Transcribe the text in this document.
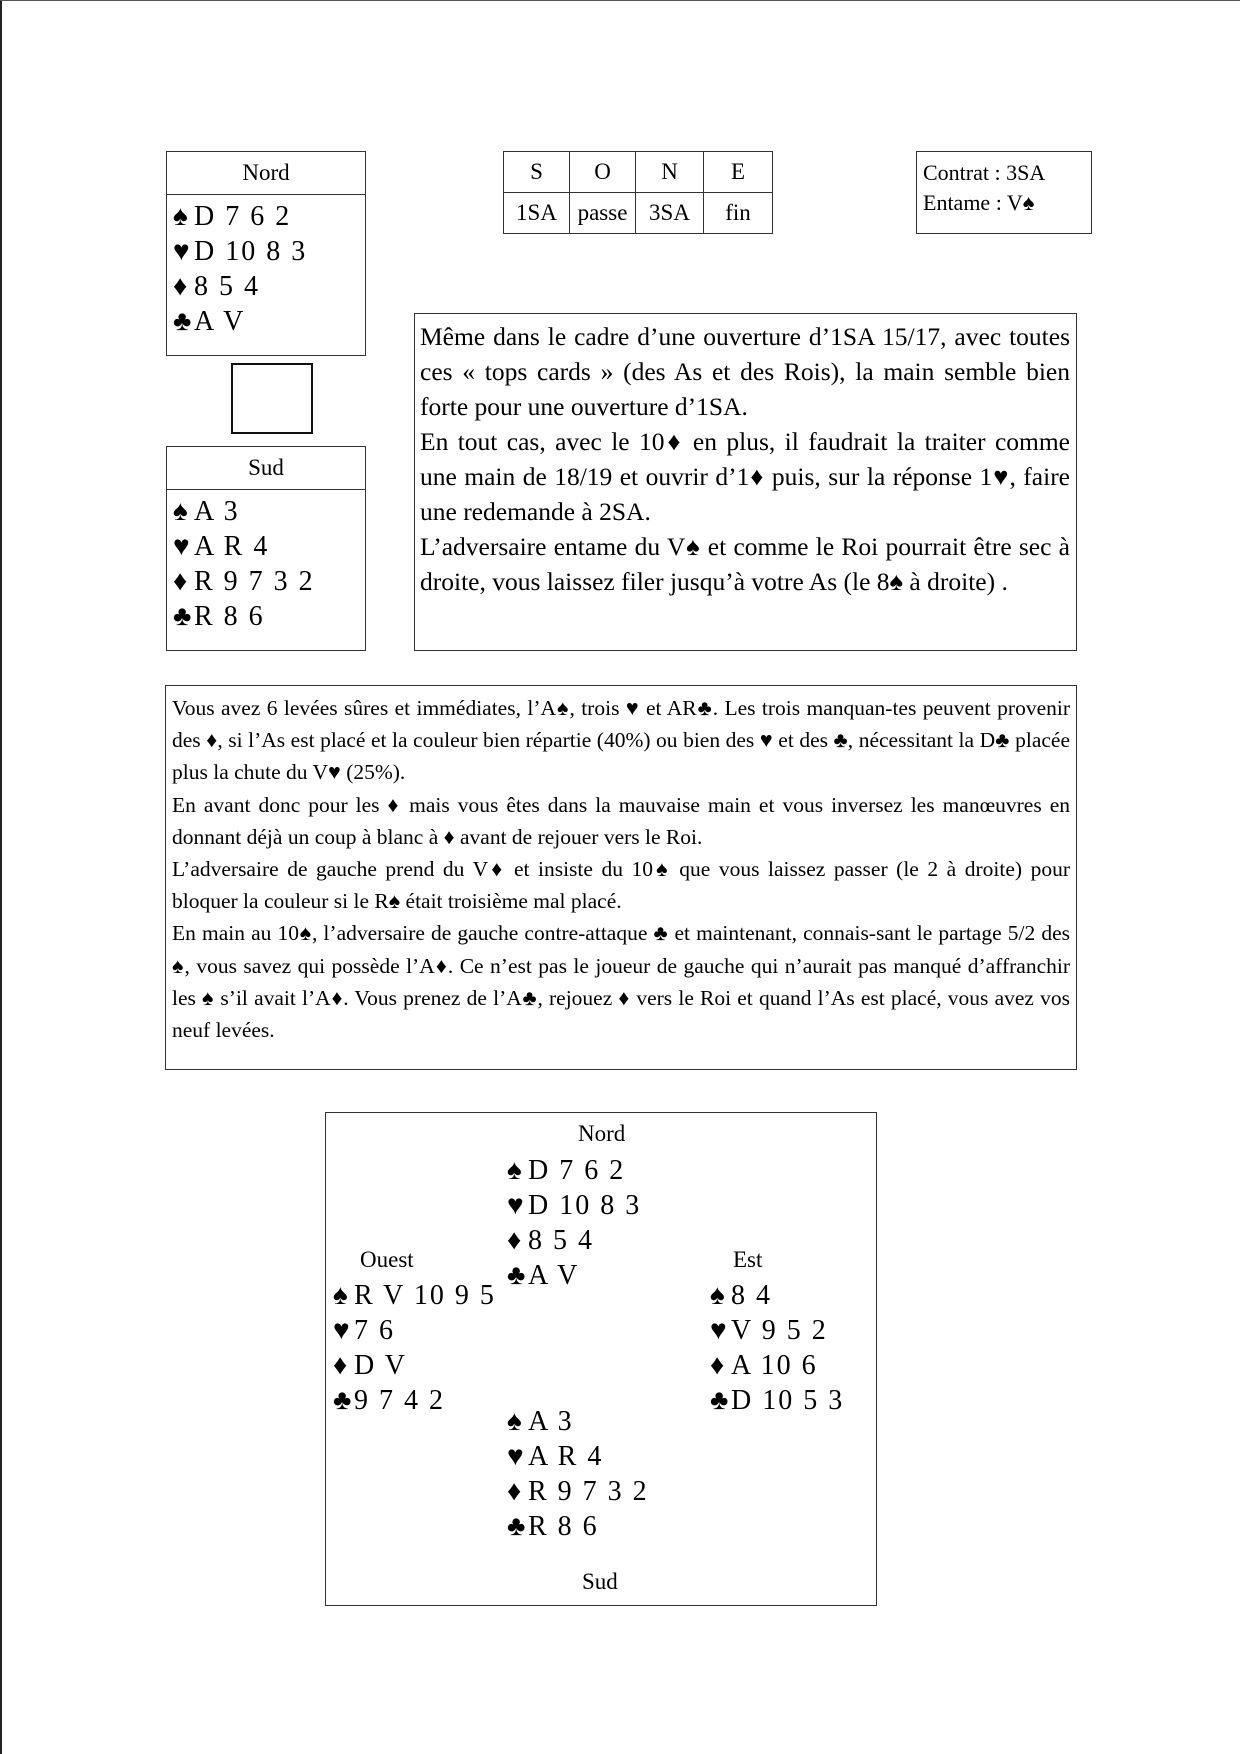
Nord
♠ D 7 6 2
♥ D 10 8 3
♦ 8 5 4
♣A V
Sud
♠ A 3
♥ A R 4
♦ R 9 7 3 2
♣R 8 6
S	O	N	E
1SA	passe	3SA	fin
Contrat : 3SA
Entame : V♠

Même dans le cadre d’une ouverture d’1SA 15/17, avec toutes ces « tops cards » (des As et des Rois), la main semble bien forte pour une ouverture d’1SA.

En tout cas, avec le 10♦ en plus, il faudrait la traiter comme une main de 18/19 et ouvrir d’1♦ puis, sur la réponse 1♥, faire une redemande à 2SA.

L’adversaire entame du V♠ et comme le Roi pourrait être sec à droite, vous laissez filer jusqu’à votre As (le 8♠ à droite) .

Vous avez 6 levées sûres et immédiates, l’A♠, trois ♥ et AR♣. Les trois manquan-tes peuvent provenir des ♦, si l’As est placé et la couleur bien répartie (40%) ou bien des ♥ et des ♣, nécessitant la D♣ placée plus la chute du V♥ (25%).

En avant donc pour les ♦ mais vous êtes dans la mauvaise main et vous inversez les manœuvres en donnant déjà un coup à blanc à ♦ avant de rejouer vers le Roi.

L’adversaire de gauche prend du V♦ et insiste du 10♠ que vous laissez passer (le 2 à droite) pour bloquer la couleur si le R♠ était troisième mal placé.

En main au 10♠, l’adversaire de gauche contre-attaque ♣ et maintenant, connais-sant le partage 5/2 des ♠, vous savez qui possède l’A♦. Ce n’est pas le joueur de gauche qui n’aurait pas manqué d’affranchir les ♠ s’il avait l’A♦. Vous prenez de l’A♣, rejouez ♦ vers le Roi et quand l’As est placé, vous avez vos neuf levées.

Nord
♠ D 7 6 2
♥ D 10 8 3
♦ 8 5 4
♣A V
Ouest
♠ R V 10 9 5
♥ 7 6
♦ D V
♣9 7 4 2
Est
♠ 8 4
♥ V 9 5 2
♦ A 10 6
♣D 10 5 3
♠ A 3
♥ A R 4
♦ R 9 7 3 2
♣R 8 6
Sud
